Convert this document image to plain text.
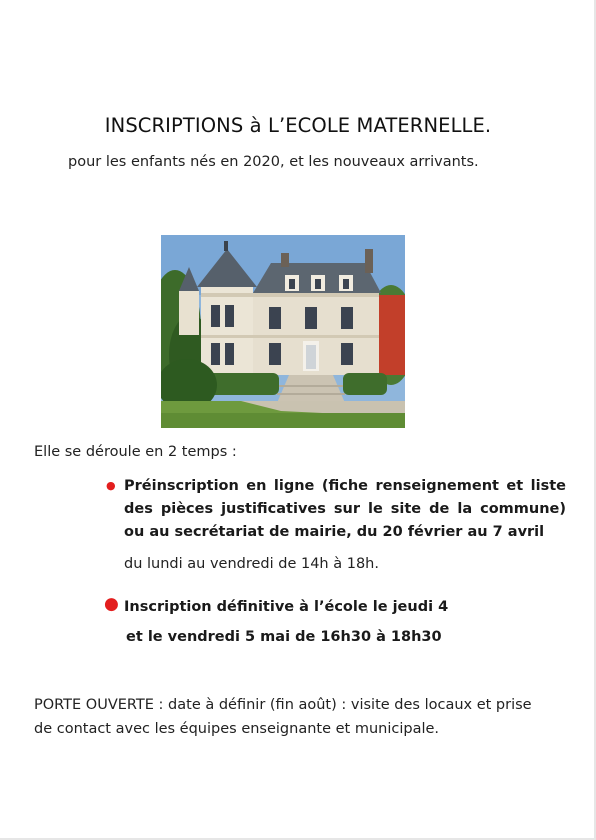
INSCRIPTIONS à L’ECOLE MATERNELLE.
pour les enfants nés en 2020, et les nouveaux arrivants.
Elle se déroule en 2 temps :
● Préinscription en ligne (fiche renseignement et liste des pièces justificatives sur le site de la commune) ou au secrétariat de mairie, du 20 février au 7 avril
du lundi au vendredi de 14h à 18h.
● Inscription définitive à l’école le jeudi 4
et le vendredi 5 mai de 16h30 à 18h30
PORTE OUVERTE : date à définir (fin août) : visite des locaux et prise de contact avec les équipes enseignante et municipale.
